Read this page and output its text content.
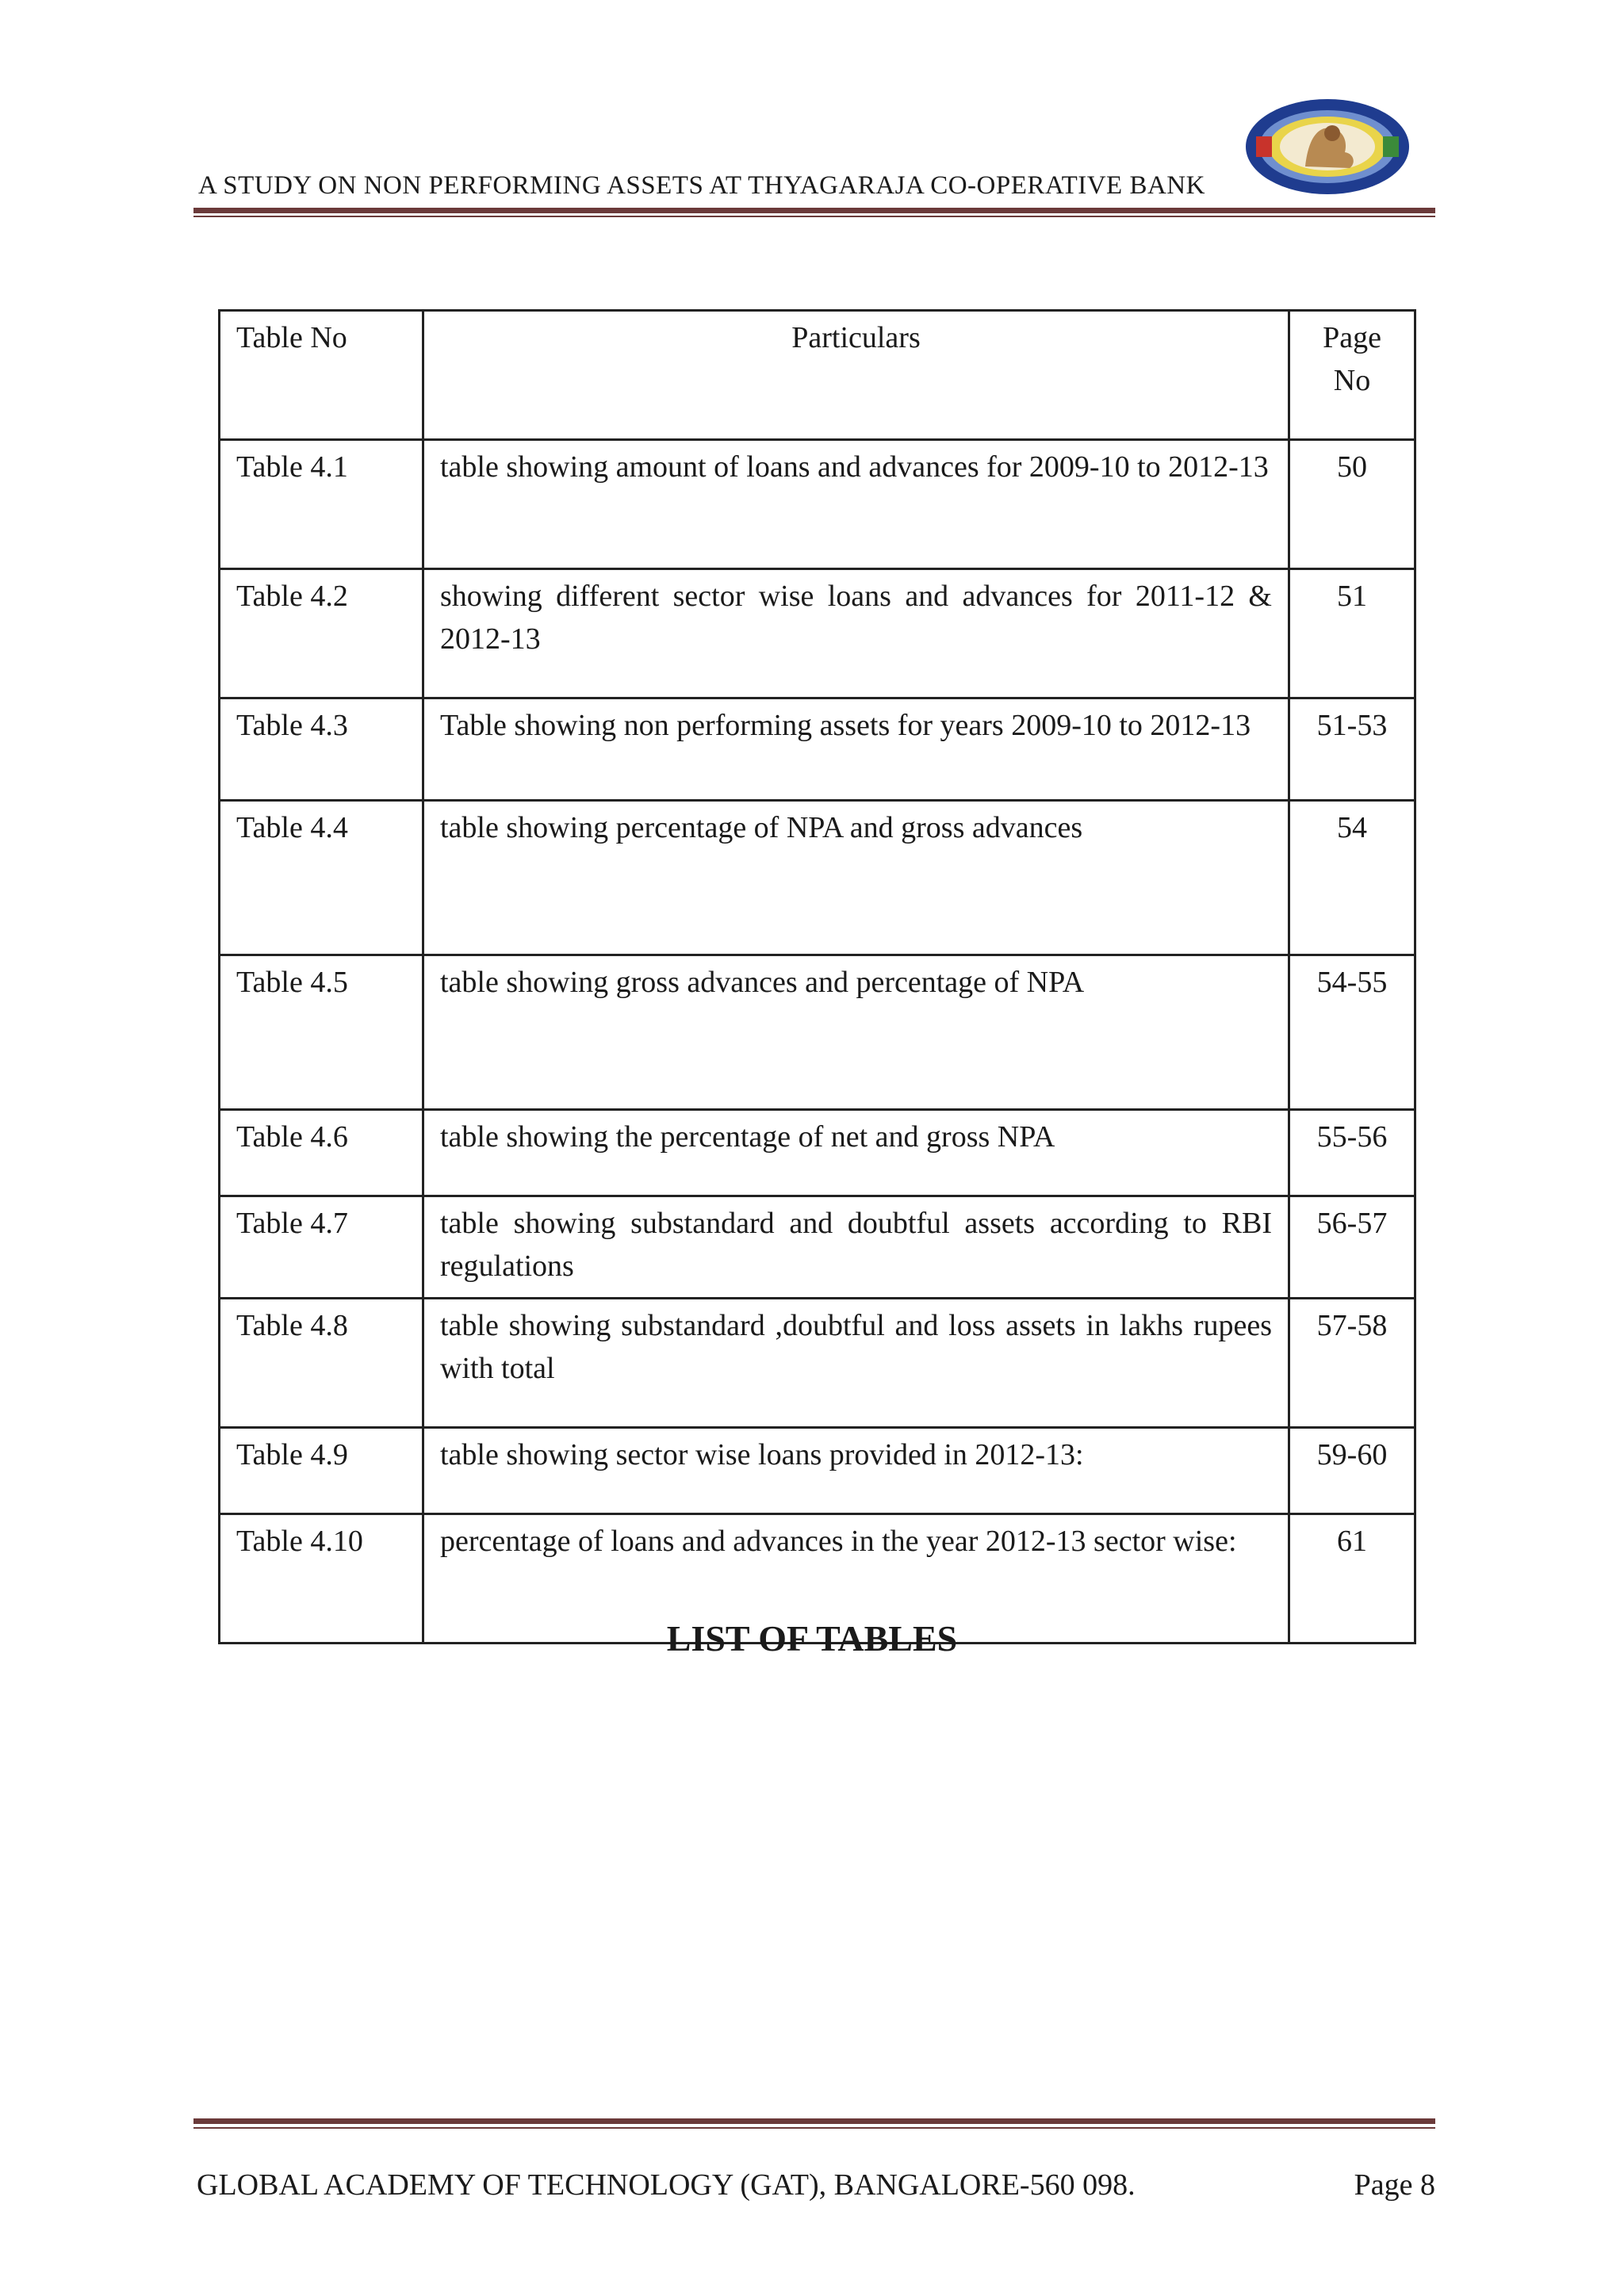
A STUDY ON NON PERFORMING ASSETS AT THYAGARAJA CO-OPERATIVE BANK
Table No	Particulars	Page No
Table 4.1	table showing amount of loans and advances for 2009-10 to 2012-13	50
Table 4.2	showing different sector wise loans and advances for 2011-12 & 2012-13	51
Table 4.3	Table showing non performing assets for years 2009-10 to 2012-13	51-53
Table 4.4	table showing percentage of NPA and gross advances	54
Table 4.5	table showing gross advances and percentage of NPA	54-55
Table 4.6	table showing the percentage of net and gross NPA	55-56
Table 4.7	table showing substandard and doubtful assets according to RBI regulations	56-57
Table 4.8	table showing substandard ,doubtful and loss assets in lakhs rupees with total	57-58
Table 4.9	table showing sector wise loans provided in 2012-13:	59-60
Table 4.10	percentage of loans and advances in the year 2012-13 sector wise:	61
LIST OF TABLES
GLOBAL ACADEMY OF TECHNOLOGY (GAT), BANGALORE-560 098.	Page 8
